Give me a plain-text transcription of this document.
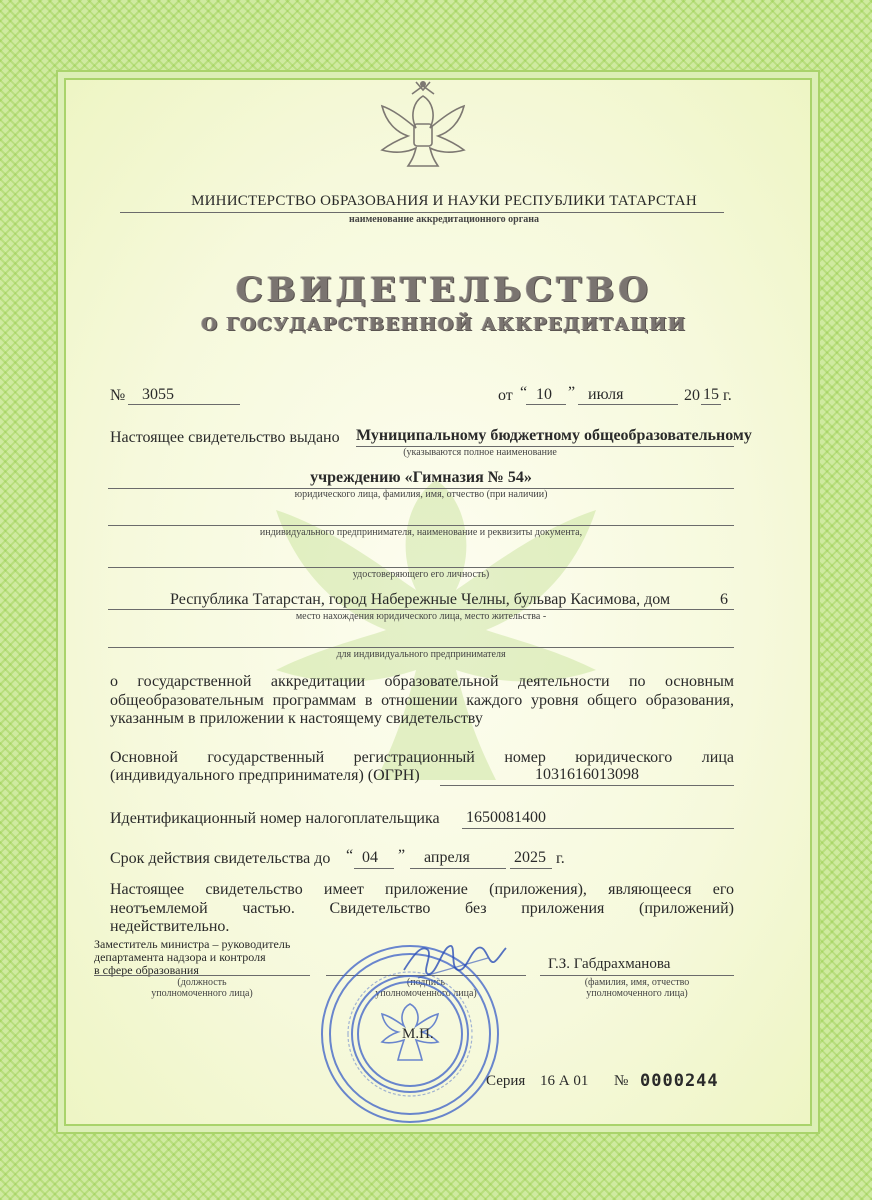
МИНИСТЕРСТВО ОБРАЗОВАНИЯ И НАУКИ РЕСПУБЛИКИ ТАТАРСТАН
наименование аккредитационного органа
СВИДЕТЕЛЬСТВО
О ГОСУДАРСТВЕННОЙ АККРЕДИТАЦИИ
№ 3055	от “ 10 ” июля	20 15 г.
Настоящее свидетельство выдано Муниципальному бюджетному общеобразовательному
(указываются полное наименование
учреждению «Гимназия № 54»
юридического лица, фамилия, имя, отчество (при наличии)
индивидуального предпринимателя, наименование и реквизиты документа,
удостоверяющего его личность)
Республика Татарстан, город Набережные Челны, бульвар Касимова, дом	6
место нахождения юридического лица, место жительства -
для индивидуального предпринимателя
о государственной аккредитации образовательной деятельности по основным
общеобразовательным программам в отношении каждого уровня общего образования,
указанным в приложении к настоящему свидетельству
Основной государственный регистрационный номер юридического лица
(индивидуального предпринимателя) (ОГРН)	1031616013098
Идентификационный номер налогоплательщика 1650081400
Срок действия свидетельства до “ 04 ” апреля	2025 г.
Настоящее свидетельство имеет приложение (приложения), являющееся его
неотъемлемой частью. Свидетельство без приложения (приложений)
недействительно.
Заместитель министра – руководитель
департамента надзора и контроля
в сфере образования
(должность
уполномоченного лица)
(подпись
уполномоченного лица)
Г.З. Габдрахманова
(фамилия, имя, отчество
уполномоченного лица)
М.П.
Серия 16 А 01 № 0000244
